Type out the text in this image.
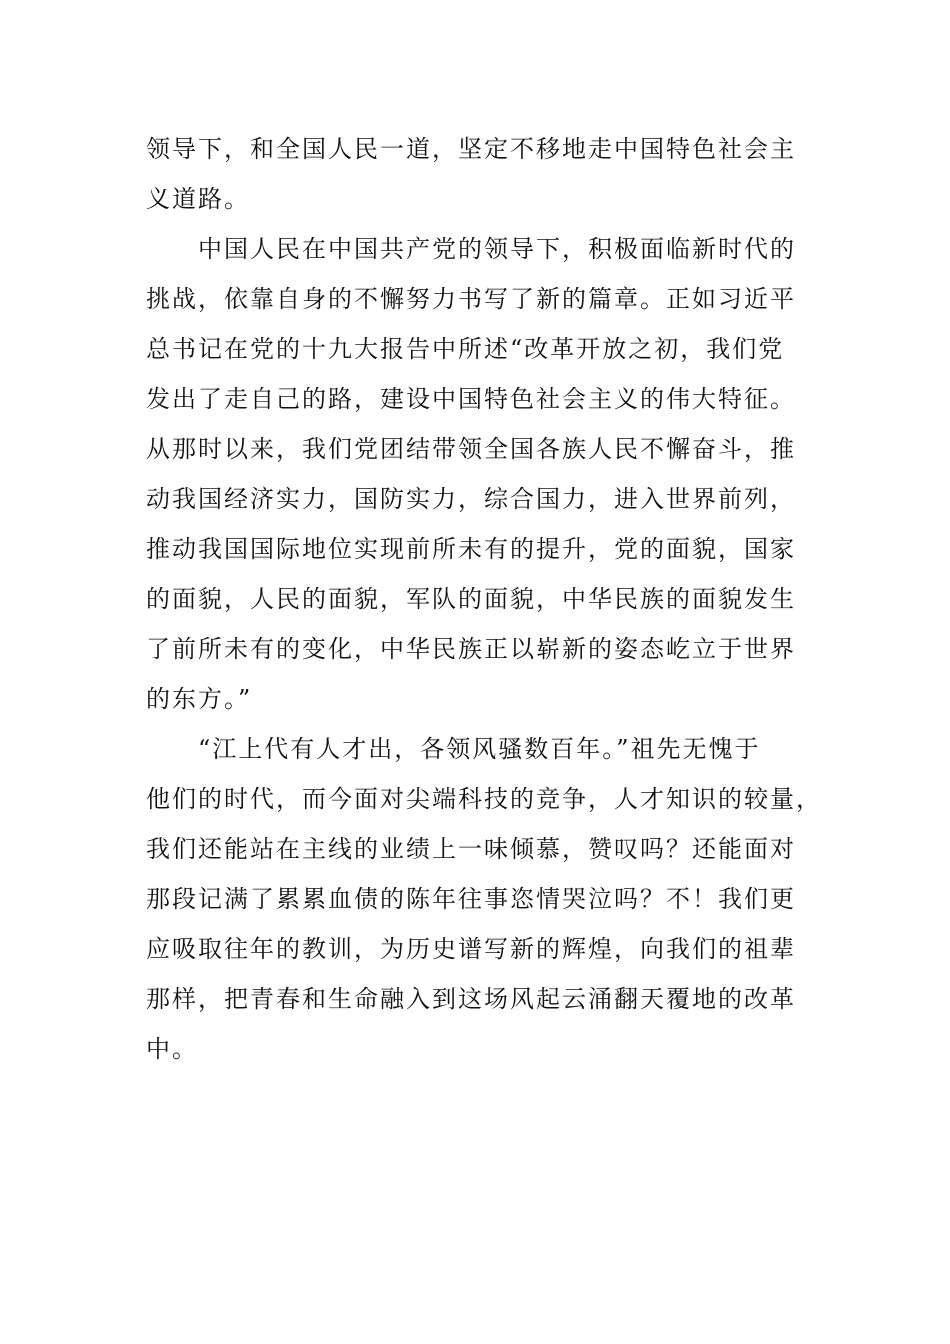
领导下，和全国人民一道，坚定不移地走中国特色社会主
义道路。
　　中国人民在中国共产党的领导下，积极面临新时代的
挑战，依靠自身的不懈努力书写了新的篇章。正如习近平
总书记在党的十九大报告中所述“改革开放之初，我们党
发出了走自己的路，建设中国特色社会主义的伟大特征。
从那时以来，我们党团结带领全国各族人民不懈奋斗，推
动我国经济实力，国防实力，综合国力，进入世界前列，
推动我国国际地位实现前所未有的提升，党的面貌，国家
的面貌，人民的面貌，军队的面貌，中华民族的面貌发生
了前所未有的变化，中华民族正以崭新的姿态屹立于世界
的东方。”
　　“江上代有人才出，各领风骚数百年。”祖先无愧于
他们的时代，而今面对尖端科技的竞争，人才知识的较量，
我们还能站在主线的业绩上一味倾慕，赞叹吗？还能面对
那段记满了累累血债的陈年往事恣情哭泣吗？不！我们更
应吸取往年的教训，为历史谱写新的辉煌，向我们的祖辈
那样，把青春和生命融入到这场风起云涌翻天覆地的改革
中。
